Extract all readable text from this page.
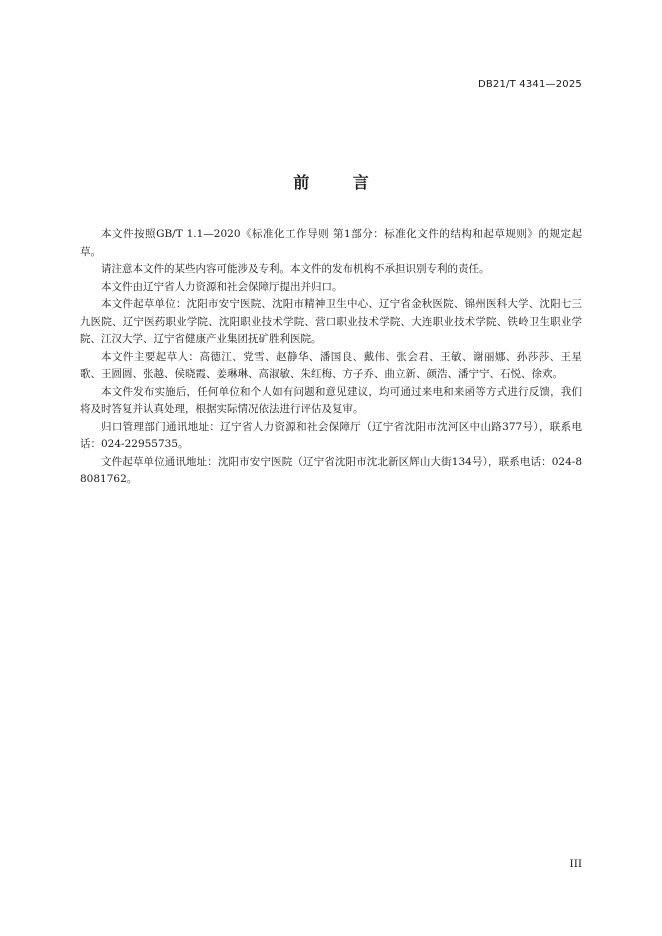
DB21/T 4341—2025
前 言

本文件按照GB/T 1.1—2020《标准化工作导则 第1部分：标准化文件的结构和起草规则》的规定起草。

请注意本文件的某些内容可能涉及专利。本文件的发布机构不承担识别专利的责任。

本文件由辽宁省人力资源和社会保障厅提出并归口。

本文件起草单位：沈阳市安宁医院、沈阳市精神卫生中心、辽宁省金秋医院、锦州医科大学、沈阳七三九医院、辽宁医药职业学院、沈阳职业技术学院、营口职业技术学院、大连职业技术学院、铁岭卫生职业学院、江汉大学、辽宁省健康产业集团抚矿胜利医院。

本文件主要起草人：高德江、党雪、赵静华、潘国良、戴伟、张会君、王敏、谢丽娜、孙莎莎、王星歌、王圆圆、张越、侯晓霞、姜琳琳、高淑敏、朱红梅、方子乔、曲立新、颜浩、潘宁宁、石悦、徐欢。

本文件发布实施后，任何单位和个人如有问题和意见建议，均可通过来电和来函等方式进行反馈，我们将及时答复并认真处理，根据实际情况依法进行评估及复审。

归口管理部门通讯地址：辽宁省人力资源和社会保障厅（辽宁省沈阳市沈河区中山路377号），联系电话：024-22955735。

文件起草单位通讯地址：沈阳市安宁医院（辽宁省沈阳市沈北新区辉山大街134号），联系电话：024-88081762。

III
